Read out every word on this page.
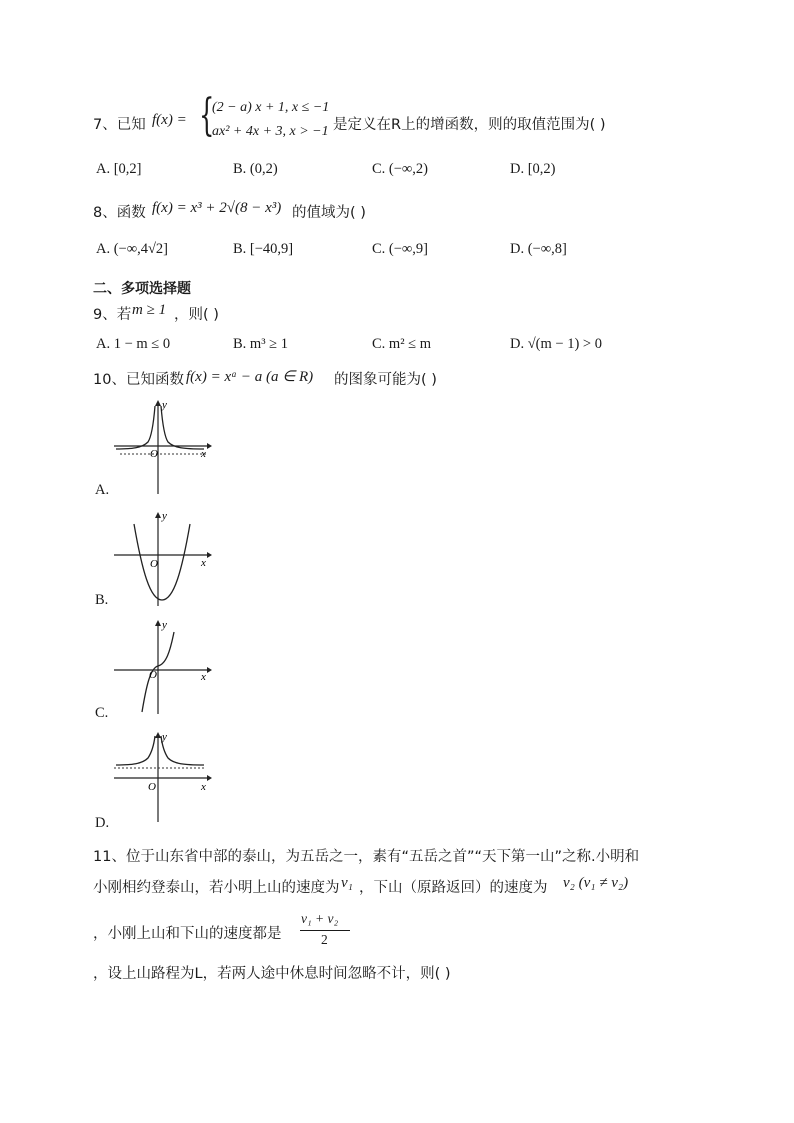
7、已知 f(x) = {
(2 − a) x + 1, x ≤ −1
ax² + 4x + 3, x > −1 是定义在R上的增函数，则的取值范围为( )
A. [0,2]	B. (0,2)	C. (−∞,2)	D. [0,2)
8、函数 f(x) = x³ + 2√(8 − x³) 的值域为( )
A. (−∞,4√2]	B. [−40,9]	C. (−∞,9]	D. (−∞,8]
二、多项选择题
9、若 m ≥ 1 ，则( )
A. 1 − m ≤ 0	B. m³ ≥ 1	C. m² ≤ m	D. √(m − 1) > 0
10、已知函数 f(x) = xᵃ − a (a ∈ R) 的图象可能为( )
y
x
O
A.
y
x
O
B.
y
x
O
C.
y
x
O
D.
11、位于山东省中部的泰山，为五岳之一，素有“五岳之首”“天下第一山”之称.小明和
小刚相约登泰山，若小明上山的速度为 v₁ ，下山（原路返回）的速度为 v₂ (v₁ ≠ v₂)
，小刚上山和下山的速度都是
v₁ + v₂
2
，设上山路程为L，若两人途中休息时间忽略不计，则( )
